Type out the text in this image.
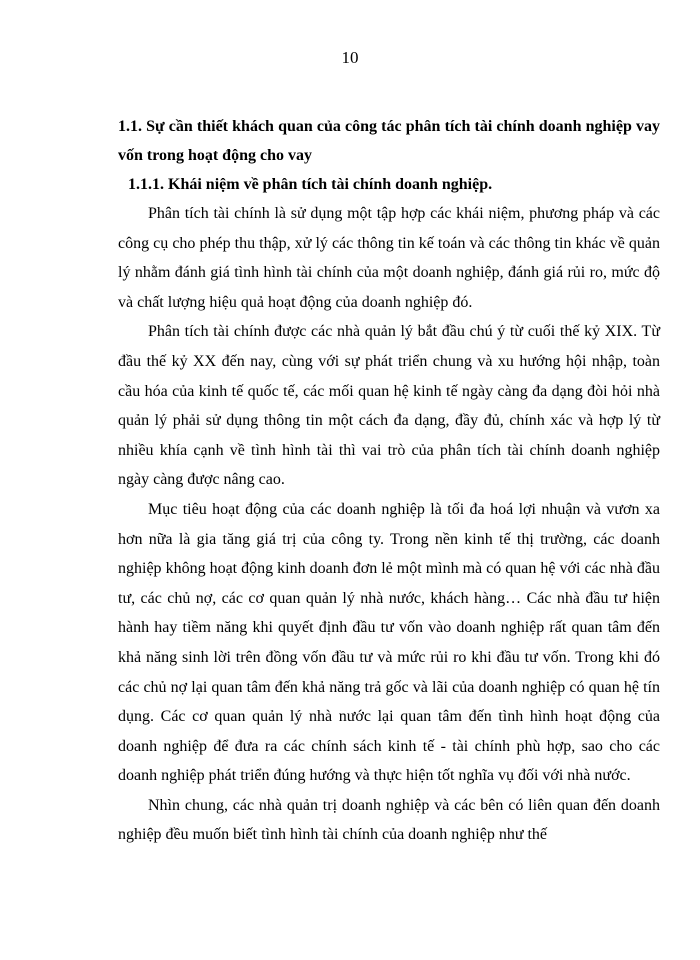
10

1.1. Sự cần thiết khách quan của công tác phân tích tài chính doanh nghiệp vay vốn trong hoạt động cho vay

1.1.1. Khái niệm về phân tích tài chính doanh nghiệp.

Phân tích tài chính là sử dụng một tập hợp các khái niệm, phương pháp và các công cụ cho phép thu thập, xử lý các thông tin kế toán và các thông tin khác về quản lý nhằm đánh giá tình hình tài chính của một doanh nghiệp, đánh giá rủi ro, mức độ và chất lượng hiệu quả hoạt động của doanh nghiệp đó.

Phân tích tài chính được các nhà quản lý bắt đầu chú ý từ cuối thế kỷ XIX. Từ đầu thế kỷ XX đến nay, cùng với sự phát triển chung và xu hướng hội nhập, toàn cầu hóa của kinh tế quốc tế, các mối quan hệ kinh tế ngày càng đa dạng đòi hỏi nhà quản lý phải sử dụng thông tin một cách đa dạng, đầy đủ, chính xác và hợp lý từ nhiều khía cạnh về tình hình tài thì vai trò của phân tích tài chính doanh nghiệp ngày càng được nâng cao.

Mục tiêu hoạt động của các doanh nghiệp là tối đa hoá lợi nhuận và vươn xa hơn nữa là gia tăng giá trị của công ty. Trong nền kinh tế thị trường, các doanh nghiệp không hoạt động kinh doanh đơn lẻ một mình mà có quan hệ với các nhà đầu tư, các chủ nợ, các cơ quan quản lý nhà nước, khách hàng… Các nhà đầu tư hiện hành hay tiềm năng khi quyết định đầu tư vốn vào doanh nghiệp rất quan tâm đến khả năng sinh lời trên đồng vốn đầu tư và mức rủi ro khi đầu tư vốn. Trong khi đó các chủ nợ lại quan tâm đến khả năng trả gốc và lãi của doanh nghiệp có quan hệ tín dụng. Các cơ quan quản lý nhà nước lại quan tâm đến tình hình hoạt động của doanh nghiệp để đưa ra các chính sách kinh tế - tài chính phù hợp, sao cho các doanh nghiệp phát triển đúng hướng và thực hiện tốt nghĩa vụ đối với nhà nước.

Nhìn chung, các nhà quản trị doanh nghiệp và các bên có liên quan đến doanh nghiệp đều muốn biết tình hình tài chính của doanh nghiệp như thế
